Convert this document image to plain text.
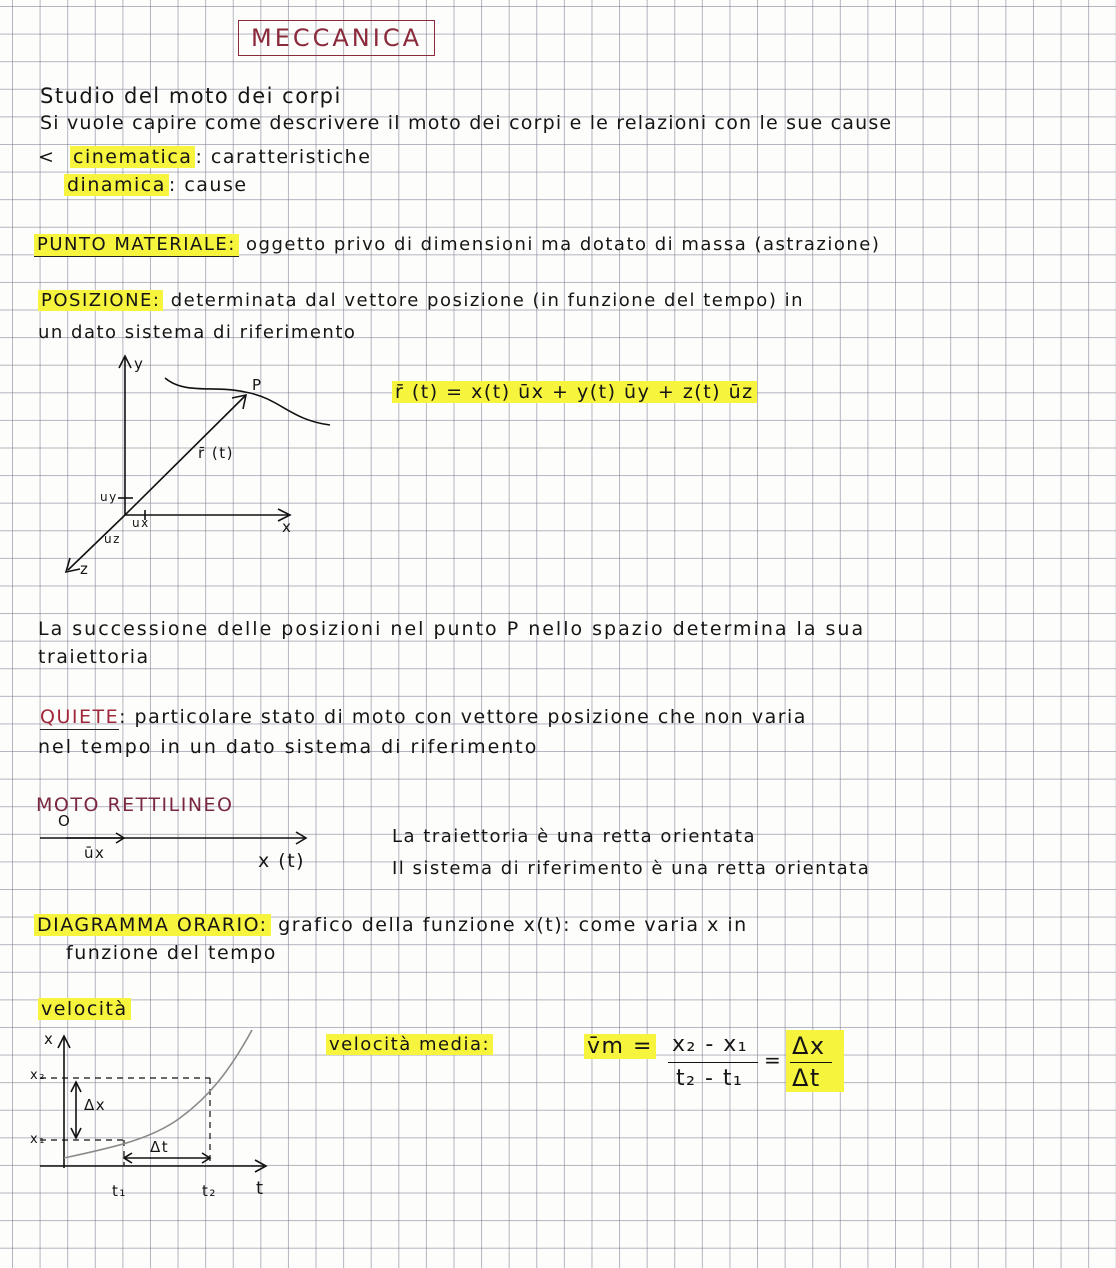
MECCANICA
Studio del moto dei corpi
Si vuole capire come descrivere il moto dei corpi e le relazioni con le sue cause
< cinematica : caratteristiche
dinamica : cause
PUNTO MATERIALE: oggetto privo di dimensioni ma dotato di massa (astrazione)
POSIZIONE: determinata dal vettore posizione (in funzione del tempo) in
un dato sistema di riferimento
y
x
z
P
r̄ (t)
uy
ux
uz
r̄ (t) = x(t) ūx + y(t) ūy + z(t) ūz
La successione delle posizioni nel punto P nello spazio determina la sua
traiettoria
QUIETE: particolare stato di moto con vettore posizione che non varia
nel tempo in un dato sistema di riferimento
MOTO RETTILINEO
O
ūx	x (t)
La traiettoria è una retta orientata
Il sistema di riferimento è una retta orientata
DIAGRAMMA ORARIO: grafico della funzione x(t): come varia x in
funzione del tempo
velocità
x
t
x₂
x₁
t₁	t₂
Δx
Δt
velocità media:	v̄m = x₂ - x₁
t₂ - t₁
= Δx
Δt
